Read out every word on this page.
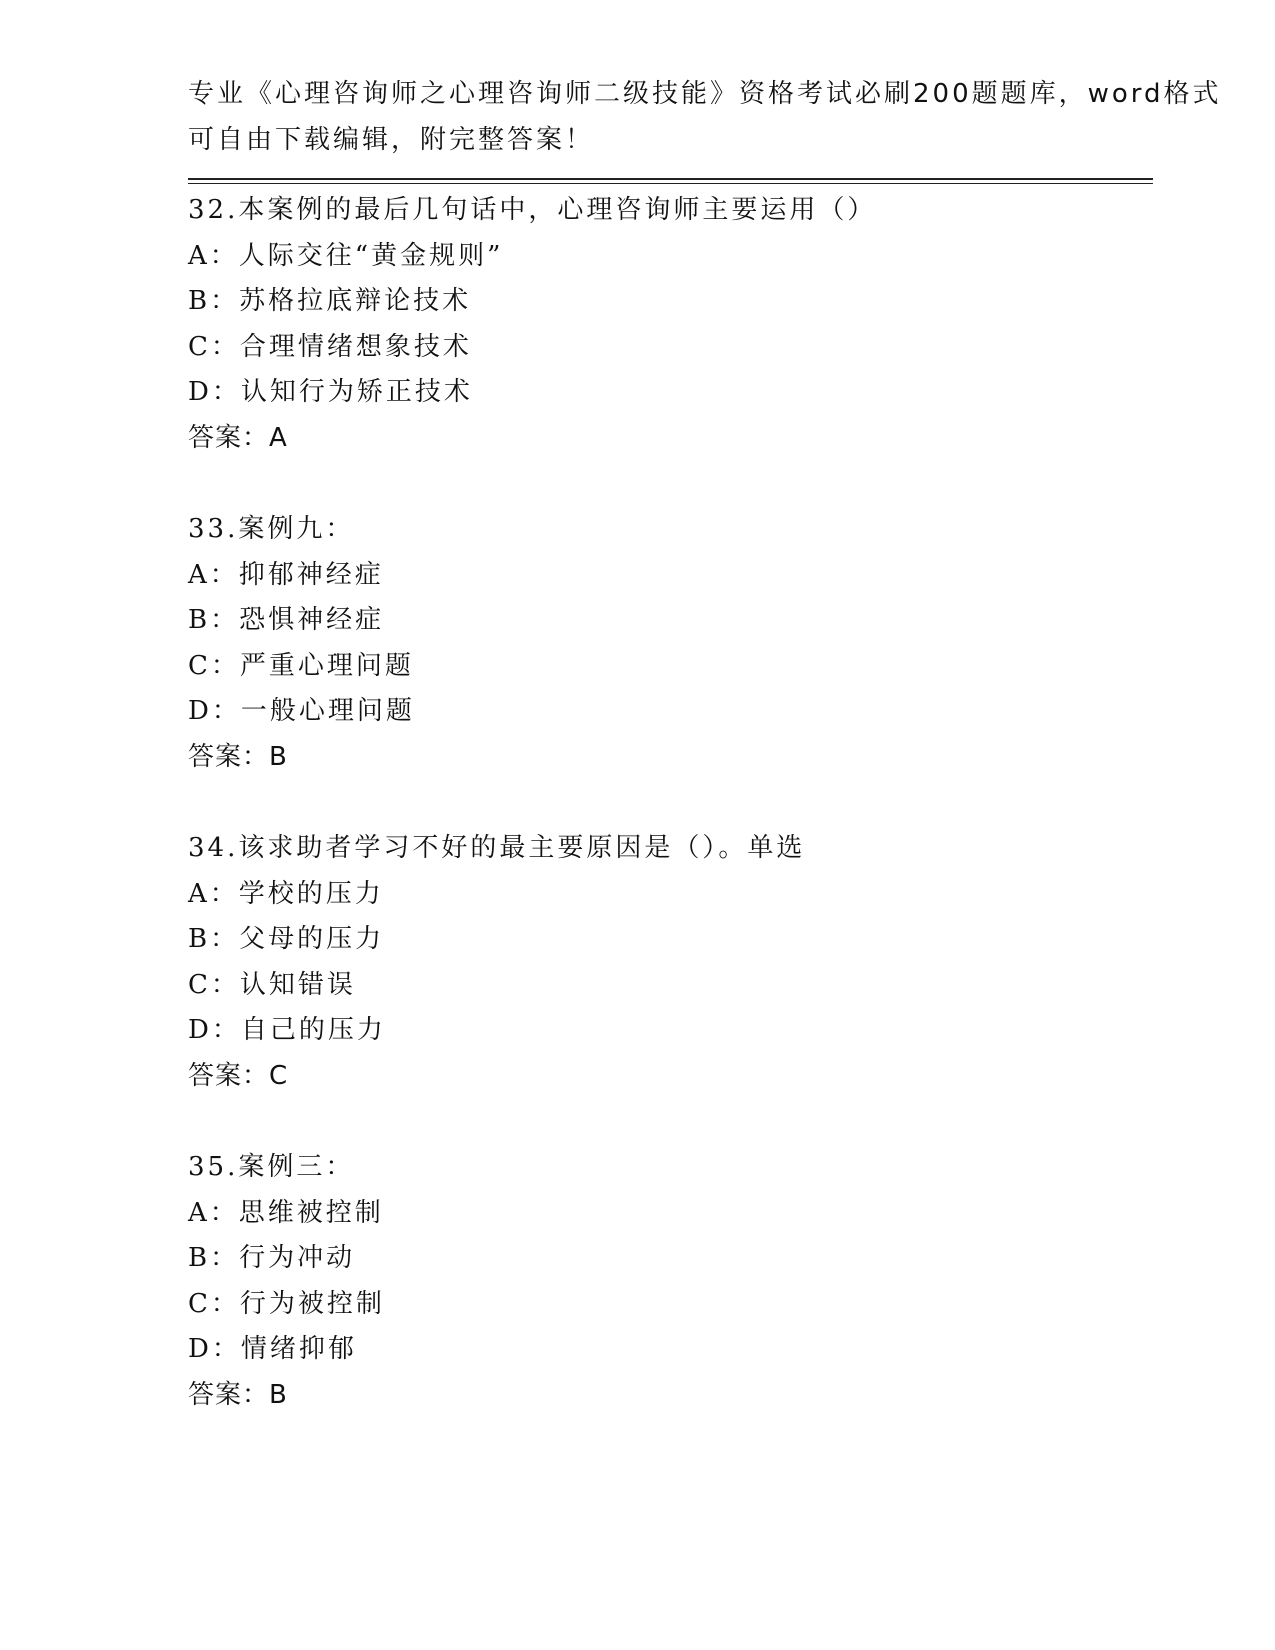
专业《心理咨询师之心理咨询师二级技能》资格考试必刷200题题库，word格式
可自由下载编辑，附完整答案！
32.本案例的最后几句话中，心理咨询师主要运用（）
A：人际交往“黄金规则”
B：苏格拉底辩论技术
C：合理情绪想象技术
D：认知行为矫正技术
答案：A
33.案例九：
A：抑郁神经症
B：恐惧神经症
C：严重心理问题
D：一般心理问题
答案：B
34.该求助者学习不好的最主要原因是（）。单选
A：学校的压力
B：父母的压力
C：认知错误
D：自己的压力
答案：C
35.案例三：
A：思维被控制
B：行为冲动
C：行为被控制
D：情绪抑郁
答案：B
